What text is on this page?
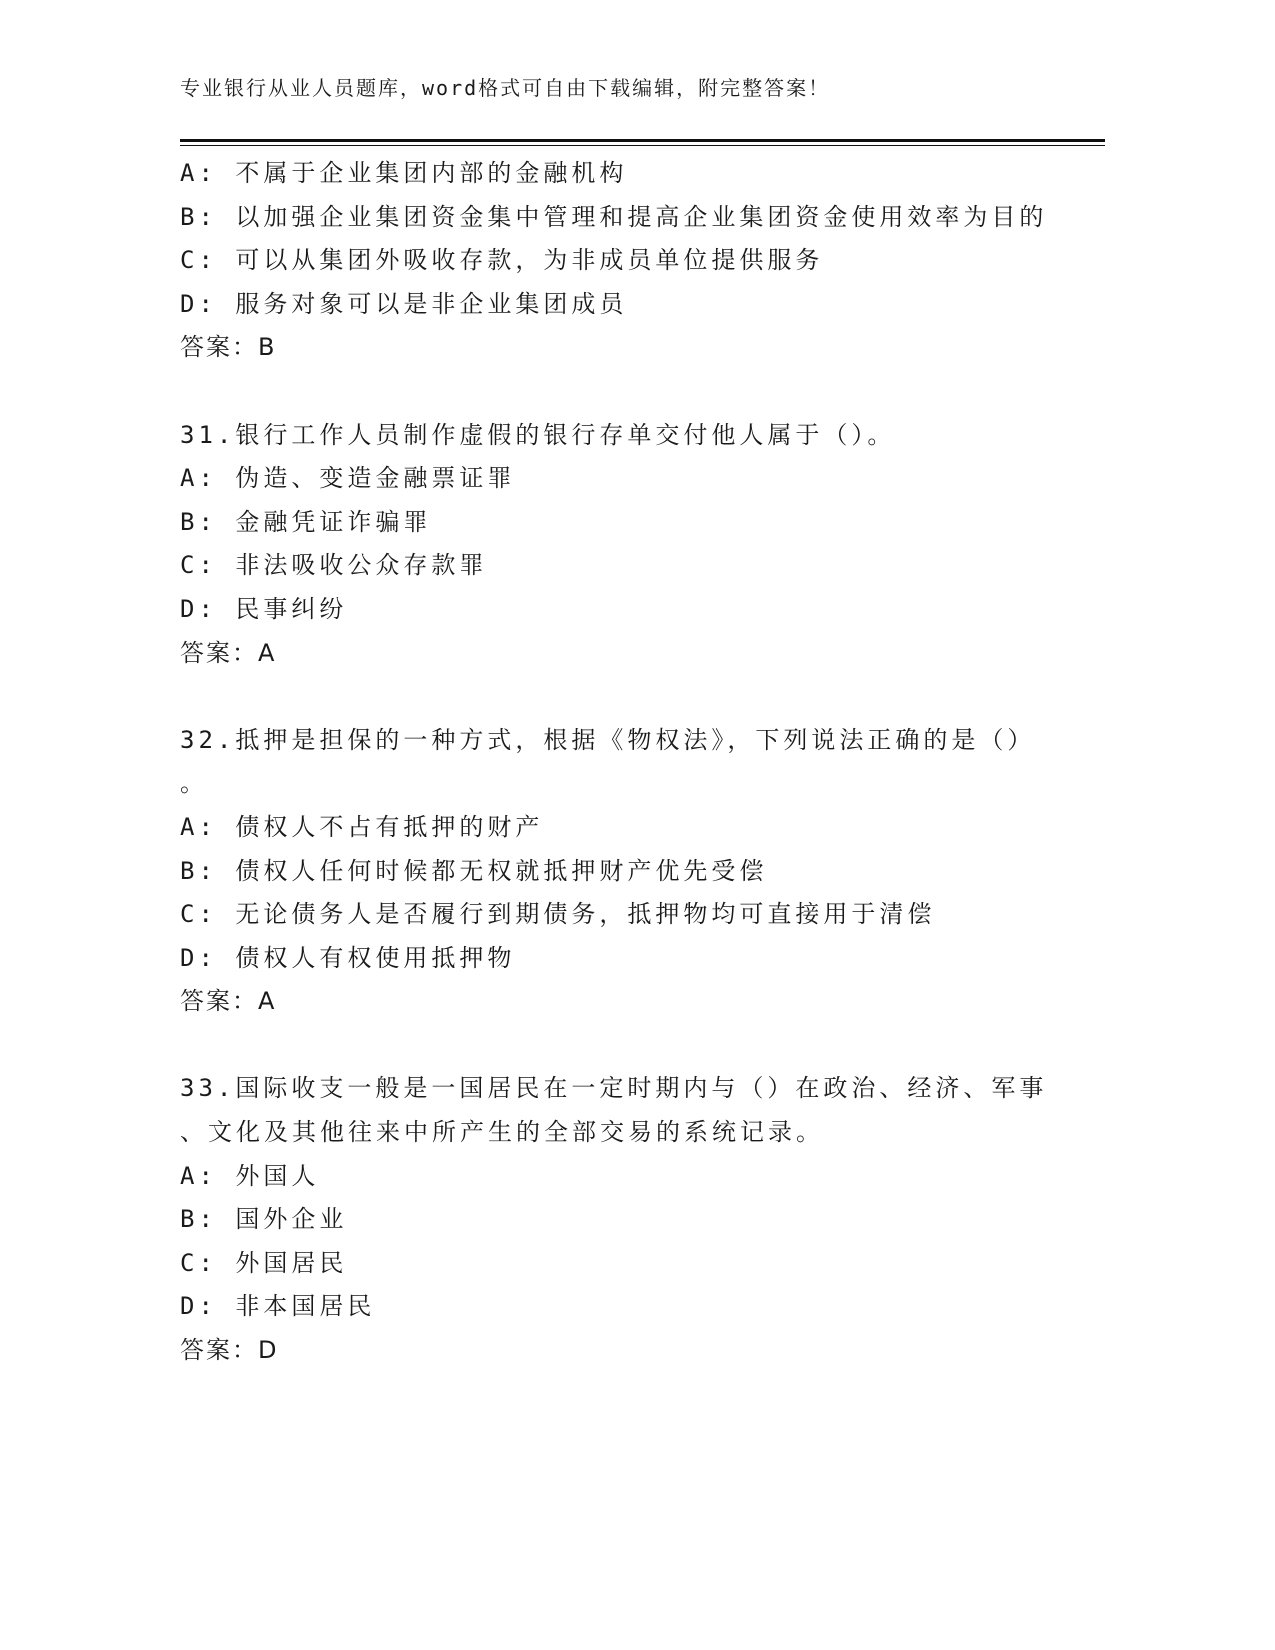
专业银行从业人员题库，word格式可自由下载编辑，附完整答案！
A: 不属于企业集团内部的金融机构
B: 以加强企业集团资金集中管理和提高企业集团资金使用效率为目的
C: 可以从集团外吸收存款，为非成员单位提供服务
D: 服务对象可以是非企业集团成员
答案：B
31.银行工作人员制作虚假的银行存单交付他人属于（）。
A: 伪造、变造金融票证罪
B: 金融凭证诈骗罪
C: 非法吸收公众存款罪
D: 民事纠纷
答案：A
32.抵押是担保的一种方式，根据《物权法》，下列说法正确的是（）
。
A: 债权人不占有抵押的财产
B: 债权人任何时候都无权就抵押财产优先受偿
C: 无论债务人是否履行到期债务，抵押物均可直接用于清偿
D: 债权人有权使用抵押物
答案：A
33.国际收支一般是一国居民在一定时期内与（）在政治、经济、军事
、文化及其他往来中所产生的全部交易的系统记录。
A: 外国人
B: 国外企业
C: 外国居民
D: 非本国居民
答案：D
